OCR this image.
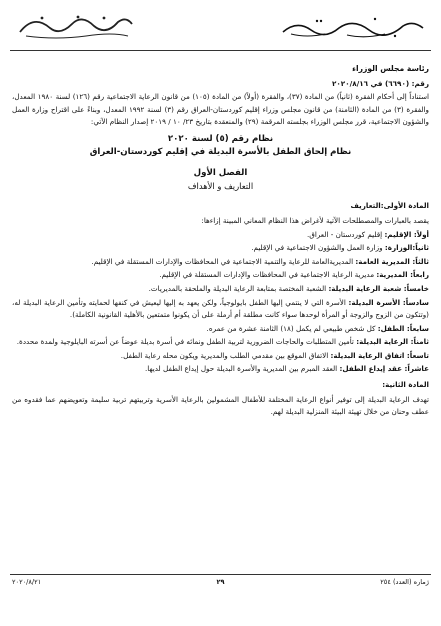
رئاسة مجلس الوزراء

رقم: (٦٦٩٠) في ٢٠٢٠/٨/١٦

استناداً إلى أحكام الفقرة (ثانياً) من المادة (٣٧)، والفقرة (أولاً) من المادة (١٠٥) من قانون الرعاية الاجتماعية رقم (١٢٦) لسنة ١٩٨٠ المعدل، والفقرة (٣) من المادة (الثامنة) من قانون مجلس وزراء إقليم كوردستان-العراق رقم (٣) لسنة ١٩٩٢ المعدل، وبناءً على اقتراح وزارة العمل والشؤون الاجتماعية، قرر مجلس الوزراء بجلسته المرقمة (٢٩) والمنعقدة بتاريخ ٢٣/ ١٠ / ٢٠١٩ إصدار النظام الآتي:

نظام رقم (٥) لسنة ٢٠٢٠

نظام إلحاق الطفل بالأسرة البديلة في إقليم كوردستان-العراق

الفصل الأول

التعاريف و الأهداف

المادة الأولى:التعاريف

يقصد بالعبارات والمصطلحات الآتية لأغراض هذا النظام المعاني المبينة إزاءها:

أولاً: الإقليم: إقليم كوردستان - العراق.

ثانياً:الوزارة: وزارة العمل والشؤون الاجتماعية في الإقليم.

ثالثاً: المديرية العامة: المديريةالعامة للرعاية والتنمية الاجتماعية في المحافظات والإدارات المستقلة في الإقليم.

رابعاً: المديرية: مديرية الرعاية الاجتماعية في المحافظات والإدارات المستقلة في الإقليم.

خامساً: شعبة الرعاية البديلة: الشعبة المختصة بمتابعة الرعاية البديلة والملحقة بالمديريات.

سادساً: الأسرة البديلة: الأسرة التي لا ينتمي إليها الطفل بايولوجياً، ولكن يعهد به إليها ليعيش في كنفها لحمايته وتأمين الرعاية البديلة له، (وتتكون من الزوج والزوجة أو المرأة لوحدها سواء كانت مطلقة أم أرملة على أن يكونوا متمتعين بالأهلية القانونية الكاملة).

سابعاً: الطفل: كل شخص طبيعي لم يكمل (١٨) الثامنة عشرة من عمره.

ثامناً: الرعاية البديلة: تأمين المتطلبات والحاجات الضرورية لتربية الطفل ونمائه في أسرة بديلة عوضاً عن أسرته البايلوجية ولمدة محددة.

تاسعاً: اتفاق الرعاية البديلة: الاتفاق الموقع بين مقدمي الطلب والمديرية ويكون محله رعاية الطفل.

عاشراً: عقد إيداع الطفل: العقد المبرم بين المديرية والأسرة البديلة حول إيداع الطفل لديها.

المادة الثانية:

تهدف الرعاية البديلة إلى توفير أنواع الرعاية المختلفة للأطفال المشمولين بالرعاية الأسرية وتربيتهم تربية سليمة وتعويضهم عما فقدوه من عطف وحنان من خلال تهيئة البيئة المنزلية البديلة لهم.

٢٠٢٠/٨/٢١	٢٩	ژمارە (العدد) ٢٥٤
